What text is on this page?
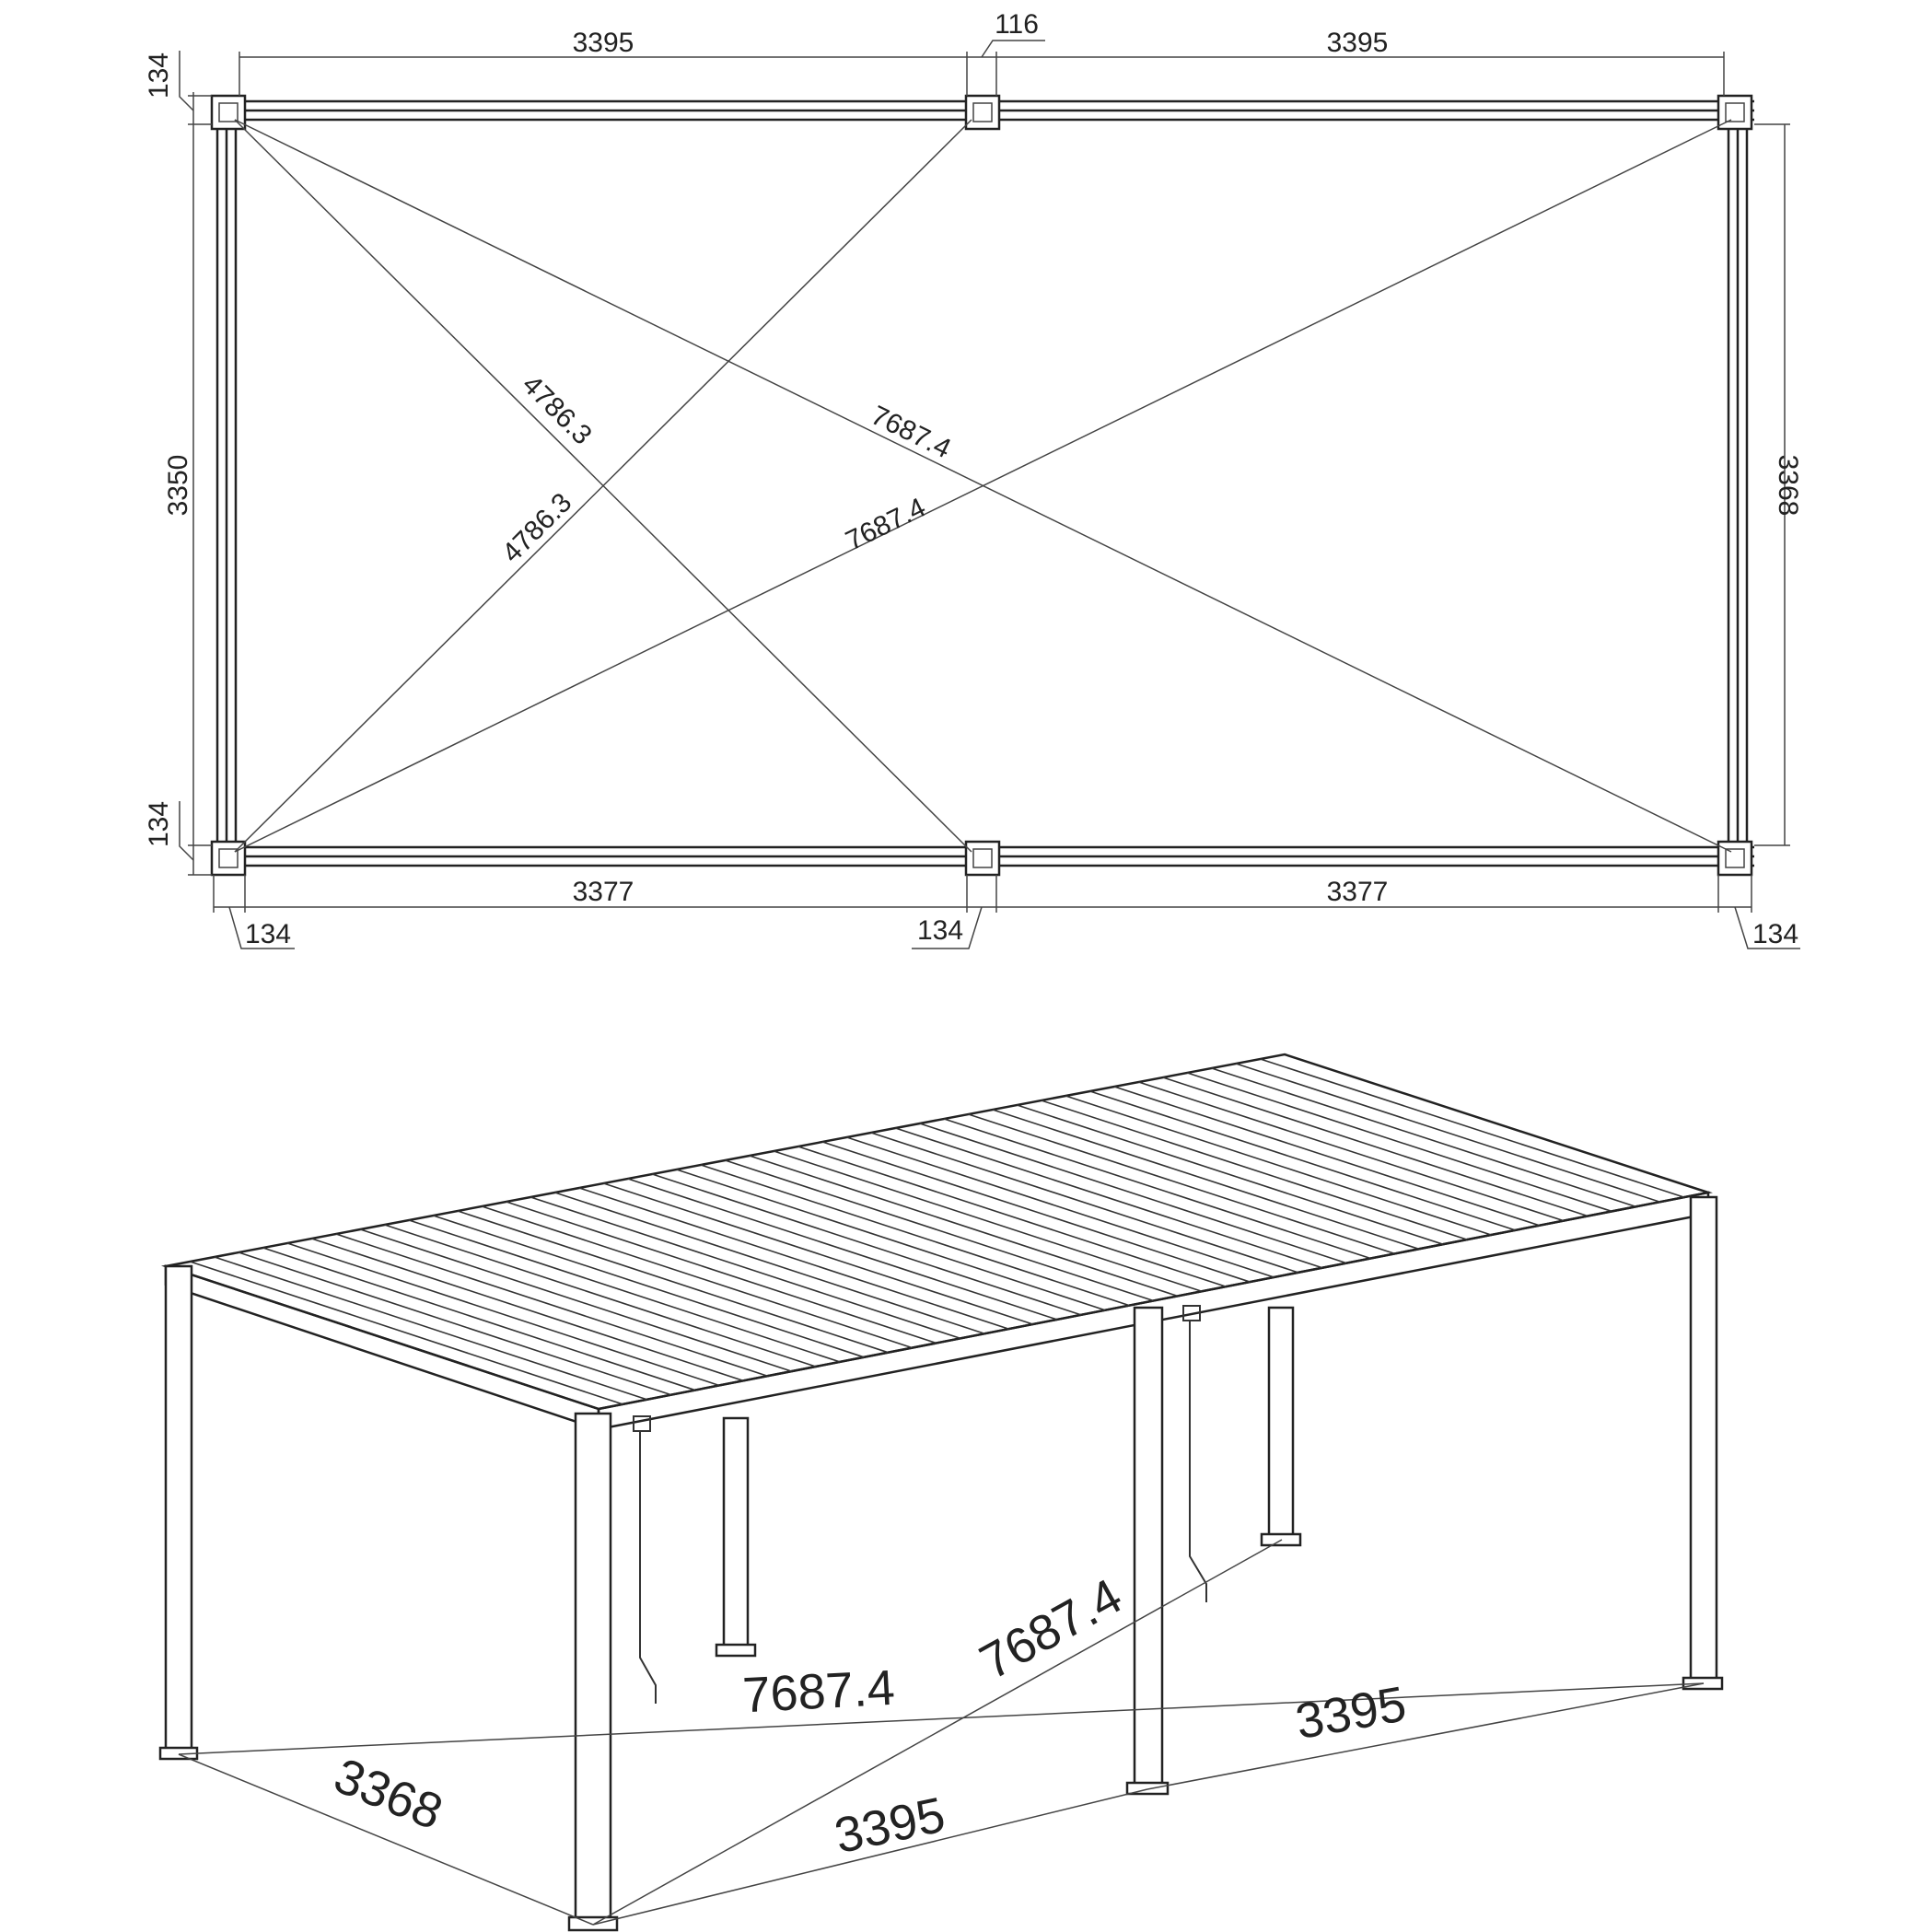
3395
116
3395
134
3350
134
3368
4786.3
4786.3
7687.4
7687.4
3377	3377
134	134	134
7687.4
7687.4
3368	3395
3395
